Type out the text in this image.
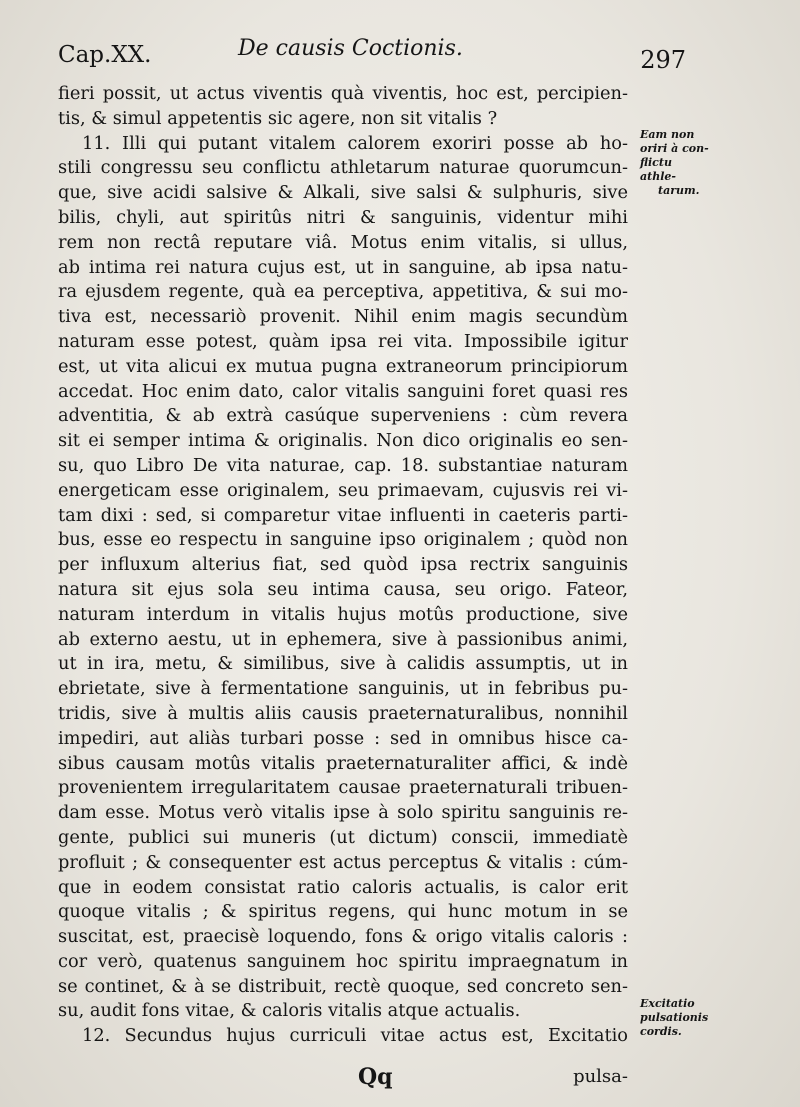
Cap.XX.	De causis Coctionis.	297
fieri possit, ut actus viventis quà viventis, hoc est, percipien-
tis, & simul appetentis sic agere, non sit vitalis ?
11. Illi qui putant vitalem calorem exoriri posse ab ho-
stili congressu seu conflictu athletarum naturae quorumcun-
que, sive acidi salsive & Alkali, sive salsi & sulphuris, sive
bilis, chyli, aut spiritûs nitri & sanguinis, videntur mihi
rem non rectâ reputare viâ. Motus enim vitalis, si ullus,
ab intima rei natura cujus est, ut in sanguine, ab ipsa natu-
ra ejusdem regente, quà ea perceptiva, appetitiva, & sui mo-
tiva est, necessariò provenit. Nihil enim magis secundùm
naturam esse potest, quàm ipsa rei vita. Impossibile igitur
est, ut vita alicui ex mutua pugna extraneorum principiorum
accedat. Hoc enim dato, calor vitalis sanguini foret quasi res
adventitia, & ab extrà casúque superveniens : cùm revera
sit ei semper intima & originalis. Non dico originalis eo sen-
su, quo Libro De vita naturae, cap. 18. substantiae naturam
energeticam esse originalem, seu primaevam, cujusvis rei vi-
tam dixi : sed, si comparetur vitae influenti in caeteris parti-
bus, esse eo respectu in sanguine ipso originalem ; quòd non
per influxum alterius fiat, sed quòd ipsa rectrix sanguinis
natura sit ejus sola seu intima causa, seu origo. Fateor,
naturam interdum in vitalis hujus motûs productione, sive
ab externo aestu, ut in ephemera, sive à passionibus animi,
ut in ira, metu, & similibus, sive à calidis assumptis, ut in
ebrietate, sive à fermentatione sanguinis, ut in febribus pu-
tridis, sive à multis aliis causis praeternaturalibus, nonnihil
impediri, aut aliàs turbari posse : sed in omnibus hisce ca-
sibus causam motûs vitalis praeternaturaliter affici, & indè
provenientem irregularitatem causae praeternaturali tribuen-
dam esse. Motus verò vitalis ipse à solo spiritu sanguinis re-
gente, publici sui muneris (ut dictum) conscii, immediatè
profluit ; & consequenter est actus perceptus & vitalis : cúm-
que in eodem consistat ratio caloris actualis, is calor erit
quoque vitalis ; & spiritus regens, qui hunc motum in se
suscitat, est, praecisè loquendo, fons & origo vitalis caloris :
cor verò, quatenus sanguinem hoc spiritu impraegnatum in
se continet, & à se distribuit, rectè quoque, sed concreto sen-
su, audit fons vitae, & caloris vitalis atque actualis.
12. Secundus hujus curriculi vitae actus est, Excitatio
Eam non
oriri à con-
flictu athle-
tarum.
Excitatio
pulsationis
cordis.
Qq	pulsa-
